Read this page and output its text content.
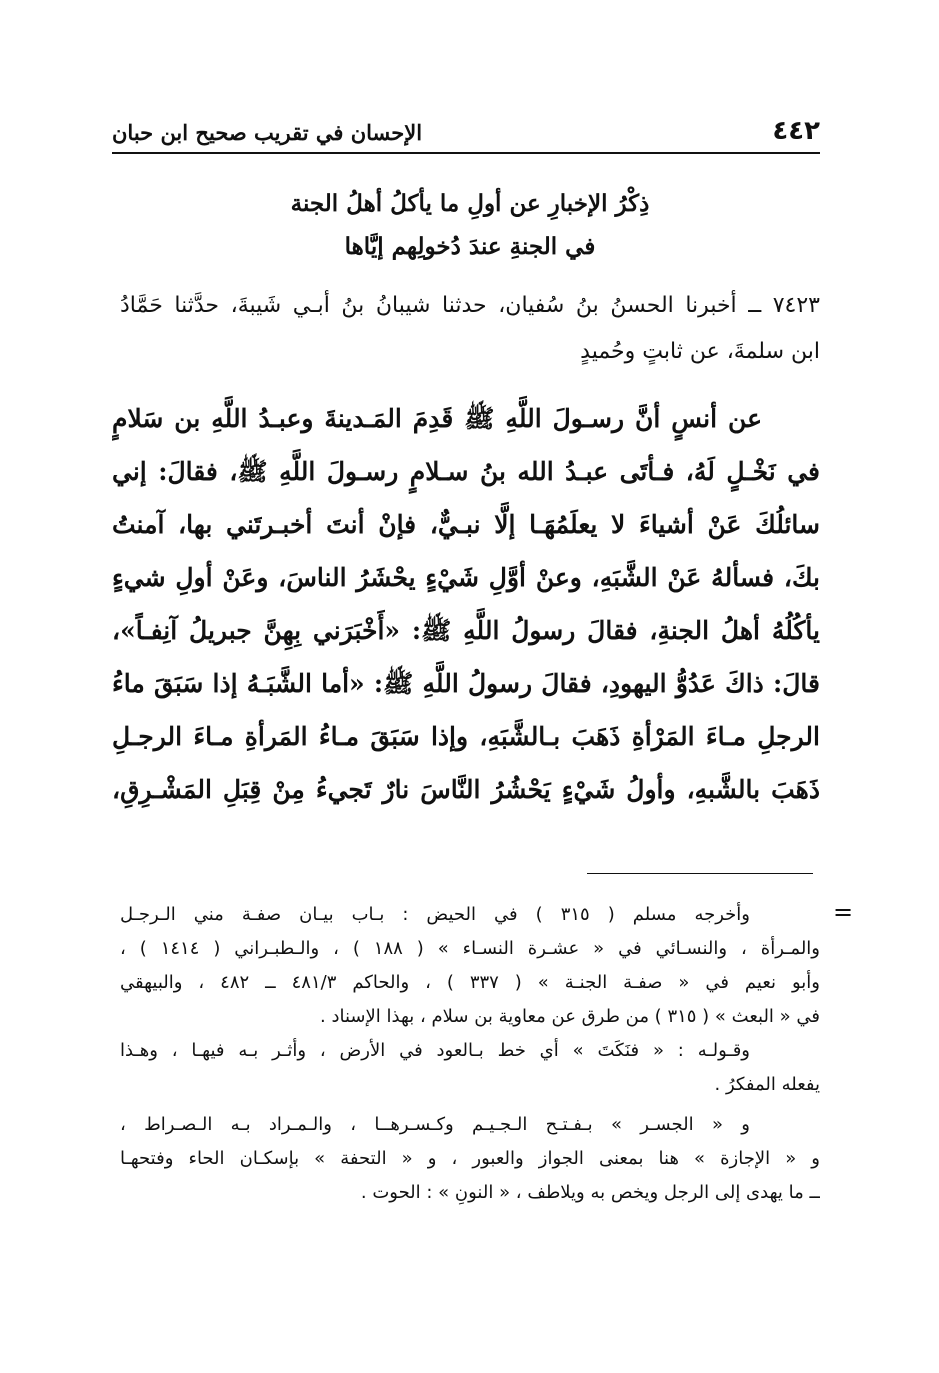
٤٤٢
الإحسان في تقريب صحيح ابن حبان
ذِكْرُ الإخبارِ عن أولِ ما يأكلُ أهلُ الجنة
في الجنةِ عندَ دُخولِهم إيَّاها
٧٤٢٣ ــ أخبرنا الحسنُ بنُ سُفيان، حدثنا شيبانُ بنُ أبـي شَيبةَ، حدَّثنا حَمَّادُ
ابن سلمةَ، عن ثابتٍ وحُميدٍ
عن أنسٍ أنَّ رسـولَ اللَّهِ ﷺ قَدِمَ المَـدينةَ وعبـدُ اللَّهِ بن سَلامٍ
في نَخْـلٍ لَهُ، فـأتَى عبـدُ الله بنُ سـلامٍ رسـولَ اللَّهِ ﷺ، فقالَ: إني
سائلُكَ عَنْ أشياءَ لا يعلَمُهَـا إلَّا نبـيٌّ، فإنْ أنتَ أخبـرتَني بها، آمنتُ
بكَ، فسألهُ عَنْ الشَّبَهِ، وعنْ أوَّلِ شَيْءٍ يحْشَرُ الناسَ، وعَنْ أولِ شيءٍ
يأكُلُهُ أهلُ الجنةِ، فقالَ رسولُ اللَّهِ ﷺ: «أَخْبَرَني بِهِنَّ جبريلُ آنِفـاً»،
قالَ: ذاكَ عَدُوُّ اليهودِ، فقالَ رسولُ اللَّهِ ﷺ: «أما الشَّبَـهُ إذا سَبَقَ ماءُ
الرجلِ مـاءَ المَرْأةِ ذَهَبَ بـالشَّبَهِ، وإذا سَبَقَ مـاءُ المَرأةِ مـاءَ الرجـلِ
ذَهَبَ بالشَّبهِ، وأولُ شَيْءٍ يَحْشُرُ النَّاسَ نارٌ تَجيءُ مِنْ قِبَلِ المَشْـرِقِ،
=
وأخرجه مسلم ( ٣١٥ ) في الحيض : بـاب بيـان صفـة مني الـرجـل
والمـرأة ، والنسـائي في « عشـرة النسـاء » ( ١٨٨ ) ، والـطبـراني ( ١٤١٤ ) ،
وأبو نعيم في « صفـة الجنـة » ( ٣٣٧ ) ، والحاكم ٤٨١/٣ ــ ٤٨٢ ، والبيهقي
في « البعث » ( ٣١٥ ) من طرق عن معاوية بن سلام ، بهذا الإسناد .
وقـولـه : « فنَكَتَ » أي خط بـالعود في الأرض ، وأثـر بـه فيهـا ، وهـذا
يفعله المفكرُ .
و « الجسـر » بـفـتـح الـجـيـم وكـسـرهــا ، والـمـراد بـه الـصـراط ،
و « الإجازة » هنا بمعنى الجواز والعبور ، و « التحفة » بإسكـان الحاء وفتحهـا
ــ ما يهدى إلى الرجل ويخص به ويلاطف ، « النونِ » : الحوت .
